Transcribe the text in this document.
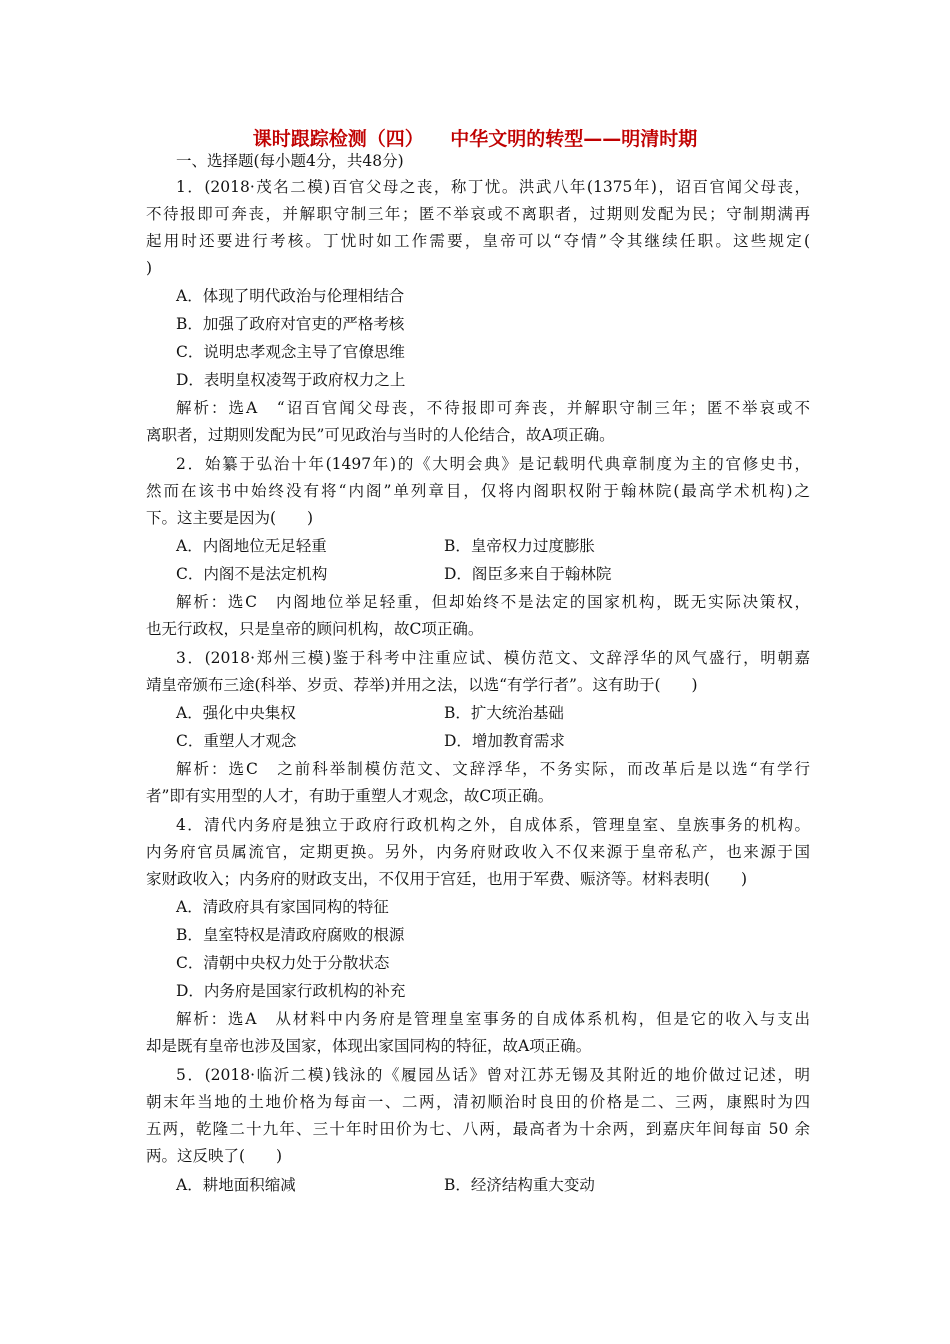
课时跟踪检测（四）    中华文明的转型——明清时期
一、选择题(每小题4分，共48分)
1．(2018·茂名二模)百官父母之丧，称丁忧。洪武八年(1375年)，诏百官闻父母丧，
不待报即可奔丧，并解职守制三年；匿不举哀或不离职者，过期则发配为民；守制期满再
起用时还要进行考核。丁忧时如工作需要，皇帝可以“夺情”令其继续任职。这些规定(
)
A．体现了明代政治与伦理相结合
B．加强了政府对官吏的严格考核
C．说明忠孝观念主导了官僚思维
D．表明皇权凌驾于政府权力之上
解析：选A　“诏百官闻父母丧，不待报即可奔丧，并解职守制三年；匿不举哀或不
离职者，过期则发配为民”可见政治与当时的人伦结合，故A项正确。
2．始纂于弘治十年(1497年)的《大明会典》是记载明代典章制度为主的官修史书，
然而在该书中始终没有将“内阁”单列章目，仅将内阁职权附于翰林院(最高学术机构)之
下。这主要是因为(　　)
A．内阁地位无足轻重	B．皇帝权力过度膨胀
C．内阁不是法定机构	D．阁臣多来自于翰林院
解析：选C　内阁地位举足轻重，但却始终不是法定的国家机构，既无实际决策权，
也无行政权，只是皇帝的顾问机构，故C项正确。
3．(2018·郑州三模)鉴于科考中注重应试、模仿范文、文辞浮华的风气盛行，明朝嘉
靖皇帝颁布三途(科举、岁贡、荐举)并用之法，以选“有学行者”。这有助于(　　)
A．强化中央集权	B．扩大统治基础
C．重塑人才观念	D．增加教育需求
解析：选C　之前科举制模仿范文、文辞浮华，不务实际，而改革后是以选“有学行
者”即有实用型的人才，有助于重塑人才观念，故C项正确。
4．清代内务府是独立于政府行政机构之外，自成体系，管理皇室、皇族事务的机构。
内务府官员属流官，定期更换。另外，内务府财政收入不仅来源于皇帝私产，也来源于国
家财政收入；内务府的财政支出，不仅用于宫廷，也用于军费、赈济等。材料表明(　　)
A．清政府具有家国同构的特征
B．皇室特权是清政府腐败的根源
C．清朝中央权力处于分散状态
D．内务府是国家行政机构的补充
解析：选A　从材料中内务府是管理皇室事务的自成体系机构，但是它的收入与支出
却是既有皇帝也涉及国家，体现出家国同构的特征，故A项正确。
5．(2018·临沂二模)钱泳的《履园丛话》曾对江苏无锡及其附近的地价做过记述，明
朝末年当地的土地价格为每亩一、二两，清初顺治时良田的价格是二、三两，康熙时为四
五两，乾隆二十九年、三十年时田价为七、八两，最高者为十余两，到嘉庆年间每亩 50 余
两。这反映了(　　)
A．耕地面积缩减	B．经济结构重大变动
